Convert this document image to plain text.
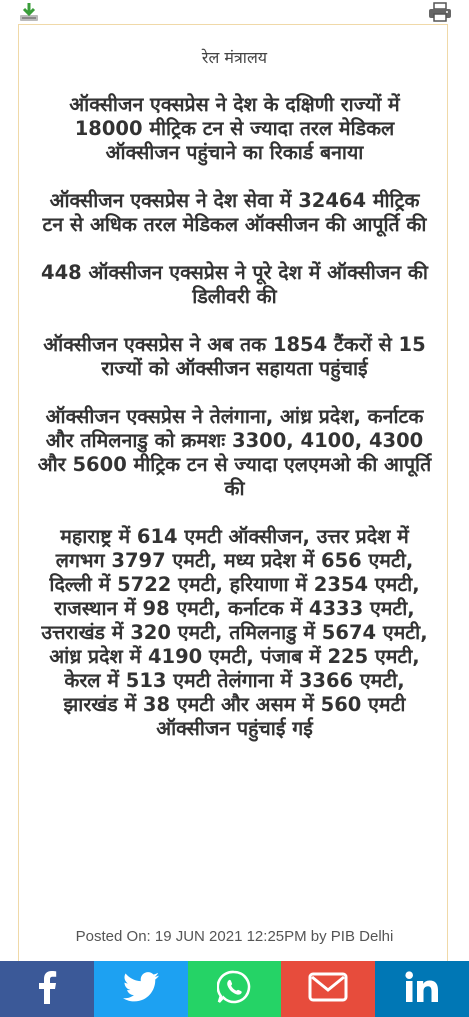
रेल मंत्रालय
ऑक्सीजन एक्सप्रेस ने देश के दक्षिणी राज्यों में 18000 मीट्रिक टन से ज्यादा तरल मेडिकल ऑक्सीजन पहुंचाने का रिकार्ड बनाया
ऑक्सीजन एक्सप्रेस ने देश सेवा में 32464 मीट्रिक टन से अधिक तरल मेडिकल ऑक्सीजन की आपूर्ति की
448 ऑक्सीजन एक्सप्रेस ने पूरे देश में ऑक्सीजन की डिलीवरी की
ऑक्सीजन एक्सप्रेस ने अब तक 1854 टैंकरों से 15 राज्यों को ऑक्सीजन सहायता पहुंचाई
ऑक्सीजन एक्सप्रेस ने तेलंगाना, आंध्र प्रदेश, कर्नाटक और तमिलनाडु को क्रमशः 3300, 4100, 4300 और 5600 मीट्रिक टन से ज्यादा एलएमओ की आपूर्ति की
महाराष्ट्र में 614 एमटी ऑक्सीजन, उत्तर प्रदेश में लगभग 3797 एमटी, मध्य प्रदेश में 656 एमटी, दिल्ली में 5722 एमटी, हरियाणा में 2354 एमटी, राजस्थान में 98 एमटी, कर्नाटक में 4333 एमटी, उत्तराखंड में 320 एमटी, तमिलनाडु में 5674 एमटी, आंध्र प्रदेश में 4190 एमटी, पंजाब में 225 एमटी, केरल में 513 एमटी तेलंगाना में 3366 एमटी, झारखंड में 38 एमटी और असम में 560 एमटी ऑक्सीजन पहुंचाई गई
Posted On: 19 JUN 2021 12:25PM by PIB Delhi
